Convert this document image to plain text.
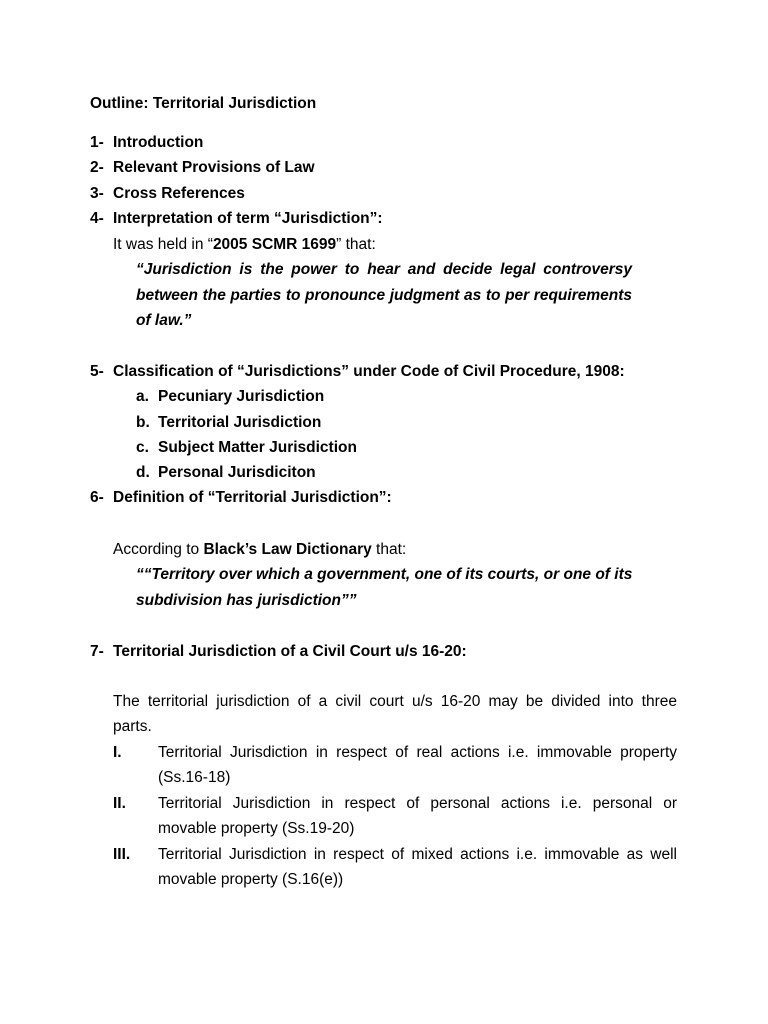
Outline: Territorial Jurisdiction
1- Introduction
2- Relevant Provisions of Law
3- Cross References
4- Interpretation of term “Jurisdiction”:
It was held in “2005 SCMR 1699” that:
“Jurisdiction is the power to hear and decide legal controversy
between the parties to pronounce judgment as to per requirements
of law.”
5- Classification of “Jurisdictions” under Code of Civil Procedure, 1908:
a. Pecuniary Jurisdiction
b. Territorial Jurisdiction
c. Subject Matter Jurisdiction
d. Personal Jurisdiciton
6- Definition of “Territorial Jurisdiction”:
According to Black’s Law Dictionary that:
““Territory over which a government, one of its courts, or one of its
subdivision has jurisdiction””
7- Territorial Jurisdiction of a Civil Court u/s 16-20:
The territorial jurisdiction of a civil court u/s 16-20 may be divided into three
parts.
I. Territorial Jurisdiction in respect of real actions i.e. immovable property
(Ss.16-18)
II. Territorial Jurisdiction in respect of personal actions i.e. personal or
movable property (Ss.19-20)
III. Territorial Jurisdiction in respect of mixed actions i.e. immovable as well
movable property (S.16(e))
